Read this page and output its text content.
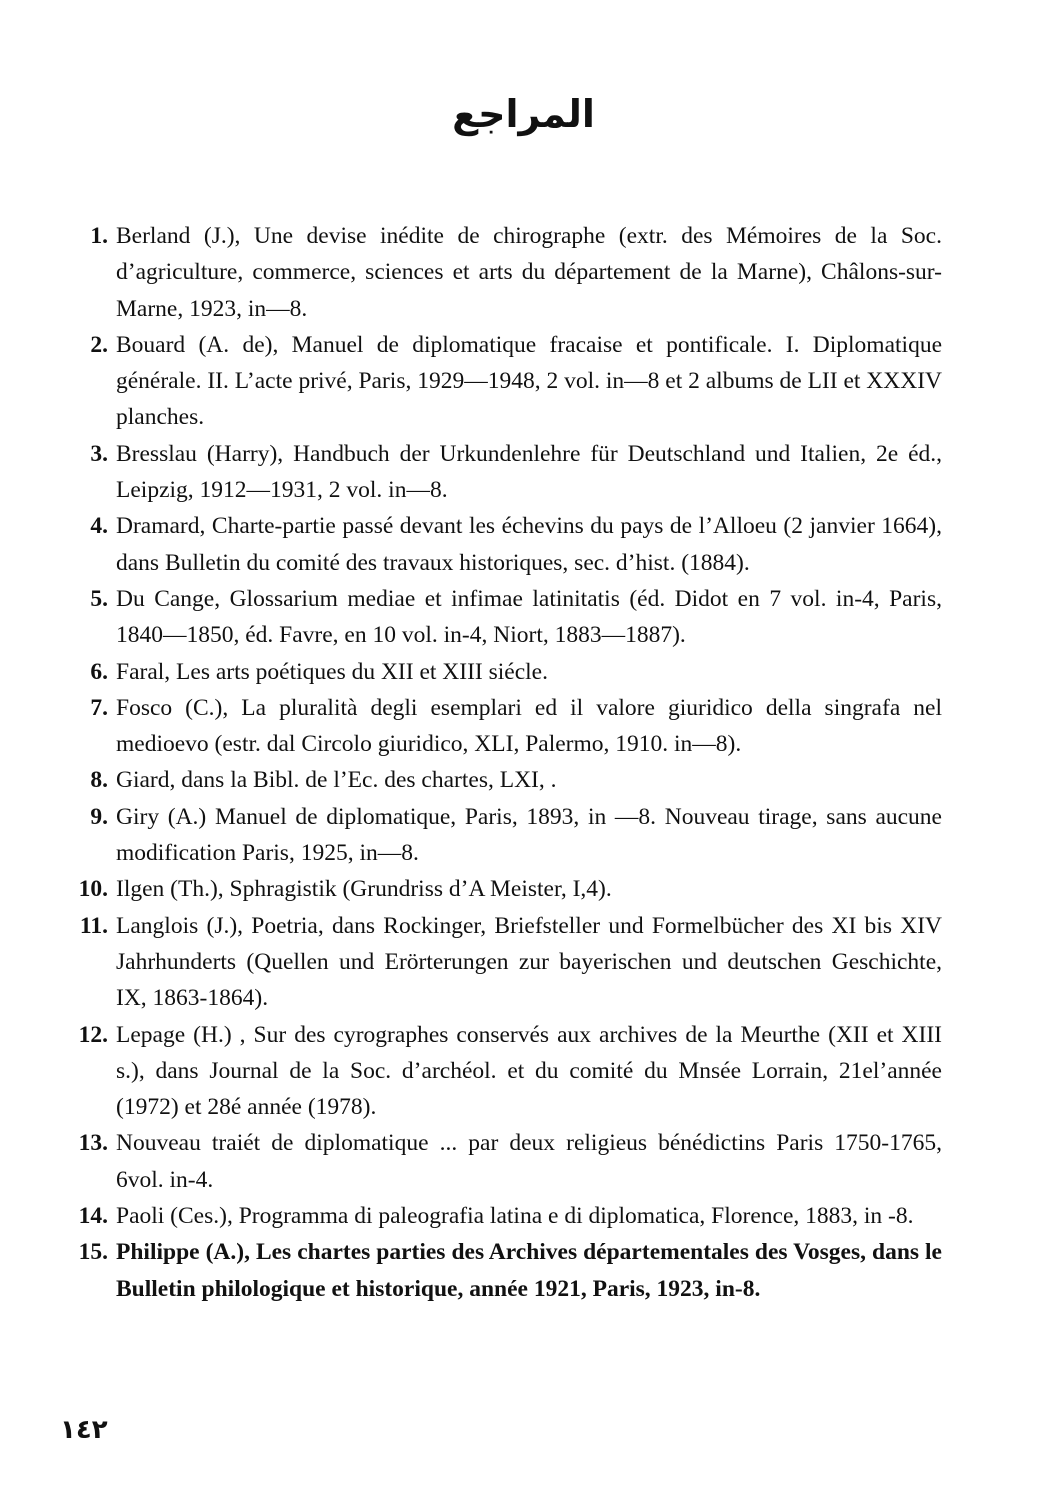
المراجع
1. Berland (J.), Une devise inédite de chirographe (extr. des Mémoires de la Soc. d’agriculture, commerce, sciences et arts du département de la Marne), Châlons-sur-Marne, 1923, in—8.
2. Bouard (A. de), Manuel de diplomatique fracaise et pontificale. I. Diplomatique générale. II. L’acte privé, Paris, 1929—1948, 2 vol. in—8 et 2 albums de LII et XXXIV planches.
3. Bresslau (Harry), Handbuch der Urkundenlehre für Deutschland und Italien, 2e éd., Leipzig, 1912—1931, 2 vol. in—8.
4. Dramard, Charte-partie passé devant les échevins du pays de l’Alloeu (2 janvier 1664), dans Bulletin du comité des travaux historiques, sec. d’hist. (1884).
5. Du Cange, Glossarium mediae et infimae latinitatis (éd. Didot en 7 vol. in-4, Paris, 1840—1850, éd. Favre, en 10 vol. in-4, Niort, 1883—1887).
6. Faral, Les arts poétiques du XII et XIII siécle.
7. Fosco (C.), La pluralità degli esemplari ed il valore giuridico della singrafa nel medioevo (estr. dal Circolo giuridico, XLI, Palermo, 1910. in—8).
8. Giard, dans la Bibl. de l’Ec. des chartes, LXI, .
9. Giry (A.) Manuel de diplomatique, Paris, 1893, in —8. Nouveau tirage, sans aucune modification Paris, 1925, in—8.
10. Ilgen (Th.), Sphragistik (Grundriss d’A Meister, I,4).
11. Langlois (J.), Poetria, dans Rockinger, Briefsteller und Formelbücher des XI bis XIV Jahrhunderts (Quellen und Erörterungen zur bayerischen und deutschen Geschichte, IX, 1863-1864).
12. Lepage (H.) , Sur des cyrographes conservés aux archives de la Meurthe (XII et XIII s.), dans Journal de la Soc. d’archéol. et du comité du Mnsée Lorrain, 21el’année (1972) et 28é année (1978).
13. Nouveau traiét de diplomatique ... par deux religieus bénédictins Paris 1750-1765, 6vol. in-4.
14. Paoli (Ces.), Programma di paleografia latina e di diplomatica, Florence, 1883, in -8.
15. Philippe (A.), Les chartes parties des Archives départementales des Vosges, dans le Bulletin philologique et historique, année 1921, Paris, 1923, in-8.
١٤٢
